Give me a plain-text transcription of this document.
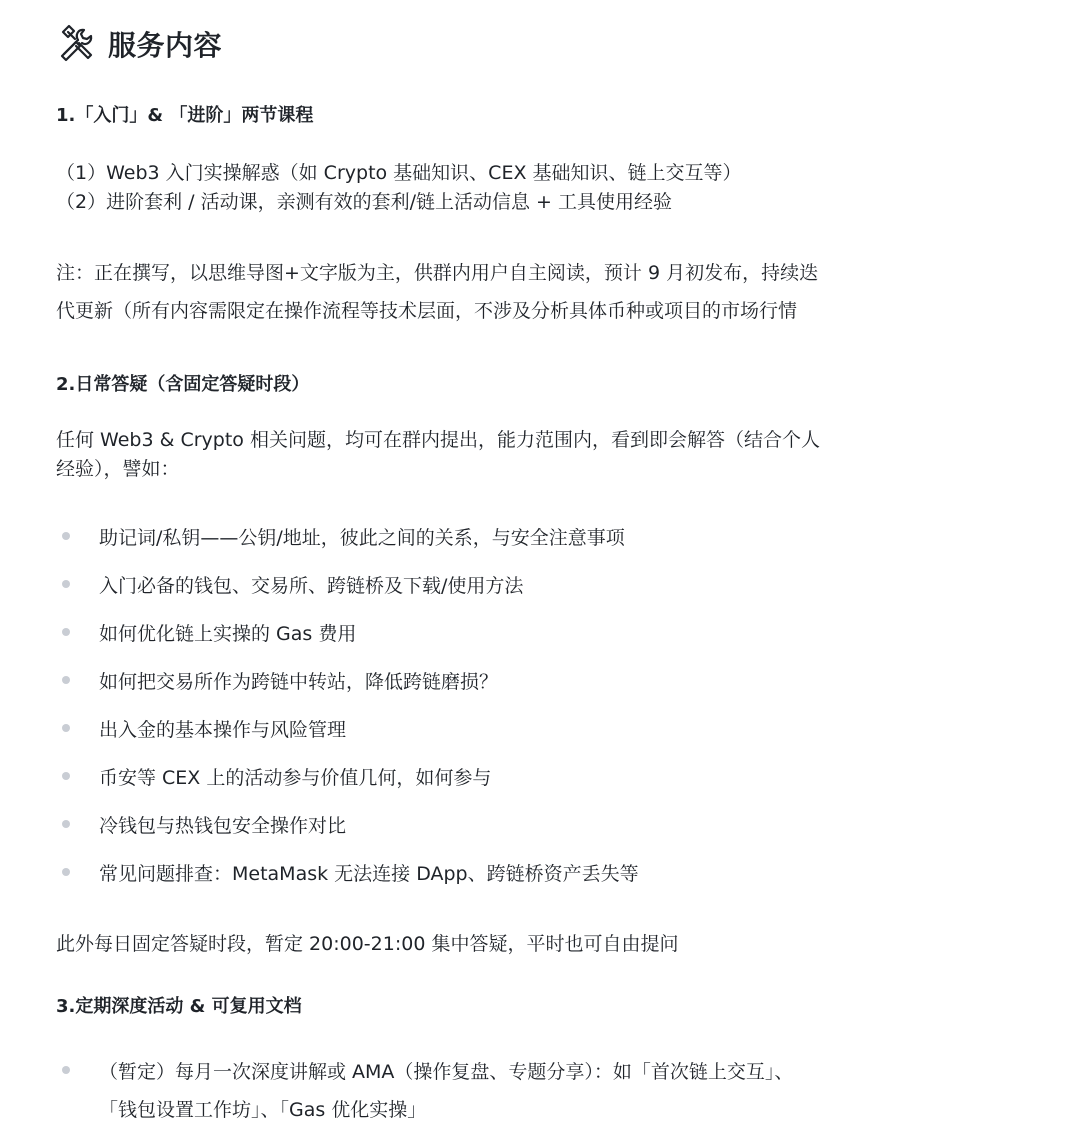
服务内容
1.「入门」& 「进阶」两节课程
（1）Web3 入门实操解惑（如 Crypto 基础知识、CEX 基础知识、链上交互等）
（2）进阶套利 / 活动课，亲测有效的套利/链上活动信息 + 工具使用经验
注：正在撰写，以思维导图+文字版为主，供群内用户自主阅读，预计 9 月初发布，持续迭
代更新（所有内容需限定在操作流程等技术层面，不涉及分析具体币种或项目的市场行情
2.日常答疑（含固定答疑时段）
任何 Web3 & Crypto 相关问题，均可在群内提出，能力范围内，看到即会解答（结合个人
经验），譬如：
助记词/私钥——公钥/地址，彼此之间的关系，与安全注意事项
入门必备的钱包、交易所、跨链桥及下载/使用方法
如何优化链上实操的 Gas 费用
如何把交易所作为跨链中转站，降低跨链磨损？
出入金的基本操作与风险管理
币安等 CEX 上的活动参与价值几何，如何参与
冷钱包与热钱包安全操作对比
常见问题排查：MetaMask 无法连接 DApp、跨链桥资产丢失等
此外每日固定答疑时段，暂定 20:00-21:00 集中答疑，平时也可自由提问
3.定期深度活动 & 可复用文档
（暂定）每月一次深度讲解或 AMA（操作复盘、专题分享）：如「首次链上交互」、
「钱包设置工作坊」、「Gas 优化实操」
